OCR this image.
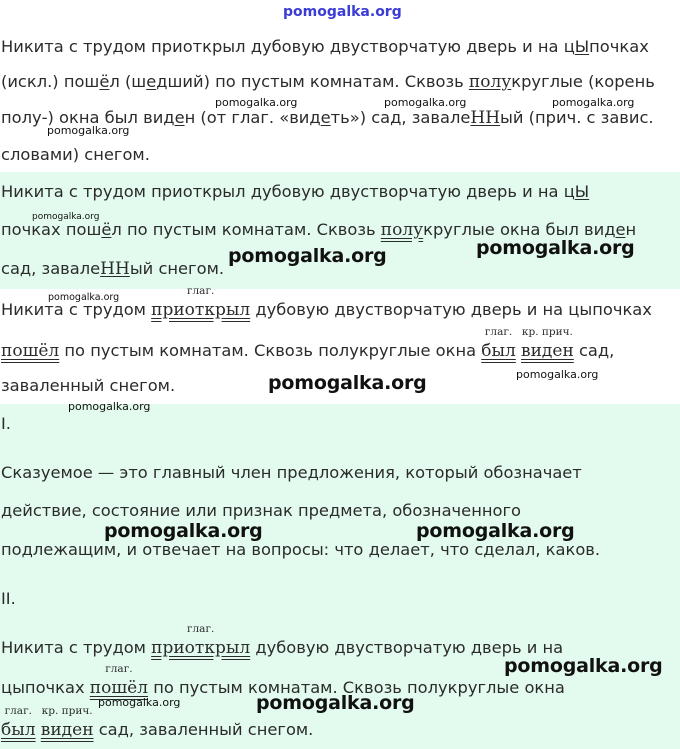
pomogalka.org
Никита с трудом приоткрыл дубовую двустворчатую дверь и на цЫпочках
(искл.) пошёл (шедший) по пустым комнатам. Сквозь полукруглые (корень
полу-) окна был виден (от глаг. «видеть») сад, завалеННый (прич. с завис.
словами) снегом.
Никита с трудом приоткрыл дубовую двустворчатую дверь и на цЫ
почках пошёл по пустым комнатам. Сквозь полукруглые окна был виден
сад, завалеННый снегом.
Никита с трудом
глаг.
приоткрыл дубовую двустворчатую дверь и на цыпочках
пошёл по пустым комнатам. Сквозь полукруглые окна
глаг.
был
кр. прич.
виден сад,
заваленный снегом.
I.
Сказуемое — это главный член предложения, который обозначает
действие, состояние или признак предмета, обозначенного
подлежащим, и отвечает на вопросы: что делает, что сделал, каков.
II.
Никита с трудом
глаг.
приоткрыл дубовую двустворчатую дверь и на
цыпочках
глаг.
пошёл по пустым комнатам. Сквозь полукруглые окна
глаг.
был
кр. прич.
виден сад, заваленный снегом.
pomogalka.org	pomogalka.org	pomogalka.org
pomogalka.org
pomogalka.org
pomogalka.org	pomogalka.org
pomogalka.org
pomogalka.org	pomogalka.org
pomogalka.org
pomogalka.org	pomogalka.org
pomogalka.org
pomogalka.org	pomogalka.org
